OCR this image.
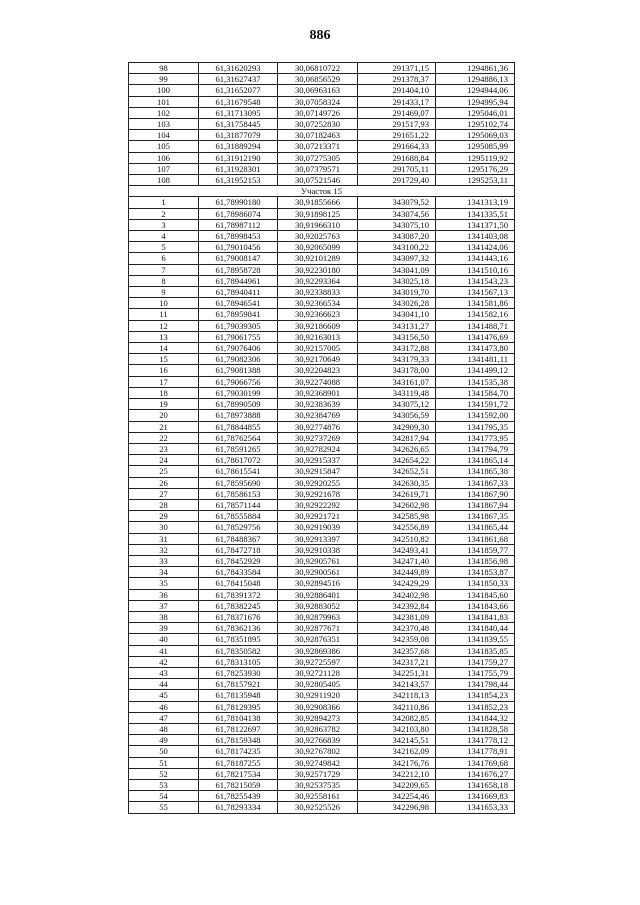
886
98	61,31620293	30,06810722	291371,15	1294861,36
99	61,31627437	30,06856529	291378,37	1294886,13
100	61,31652077	30,06963163	291404,10	1294944,06
101	61,31679548	30,07058324	291433,17	1294995,94
102	61,31713095	30,07149726	291469,07	1295046,01
103	61,31758445	30,07252830	291517,93	1295102,74
104	61,31877079	30,07182463	291651,22	1295069,03
105	61,31889294	30,07213371	291664,33	1295085,99
106	61,31912190	30,07275305	291688,84	1295119,92
107	61,31928301	30,07379571	291705,11	1295176,29
108	61,31952153	30,07521546	291729,40	1295253,11
Участок 15				
1	61,78990180	30,91855666	343079,52	1341313,19
2	61,78986074	30,91898125	343074,56	1341335,51
3	61,78987112	30,91966310	343075,10	1341371,50
4	61,78998453	30,92025763	343087,20	1341403,08
5	61,79010456	30,92065099	343100,22	1341424,06
6	61,79008147	30,92101289	343097,32	1341443,16
7	61,78958728	30,92230180	343041,09	1341510,16
8	61,78944961	30,92293364	343025,18	1341543,23
9	61,78940411	30,92338833	343019,70	1341567,13
10	61,78946541	30,92366534	343026,28	1341581,86
11	61,78959841	30,92366623	343041,10	1341582,16
12	61,79039305	30,92186609	343131,27	1341488,71
13	61,79061755	30,92163013	343156,50	1341476,69
14	61,79076406	30,92157005	343172,88	1341473,80
15	61,79082306	30,92170649	343179,33	1341481,11
16	61,79081388	30,92204823	343178,00	1341499,12
17	61,79066756	30,92274088	343161,07	1341535,38
18	61,79030199	30,92368901	343119,48	1341584,70
19	61,78990509	30,92383639	343075,12	1341591,72
20	61,78973888	30,92384769	343056,59	1341592,00
21	61,78844855	30,92774876	342909,30	1341795,35
22	61,78762564	30,92737269	342817,94	1341773,95
23	61,78591265	30,92782924	342626,65	1341794,79
24	61,78617072	30,92915337	342654,22	1341865,14
25	61,78615541	30,92915847	342652,51	1341865,38
26	61,78595690	30,92920255	342630,35	1341867,33
27	61,78586153	30,92921678	342619,71	1341867,90
28	61,78571144	30,92922292	342602,98	1341867,94
29	61,78555884	30,92921721	342585,98	1341867,35
30	61,78529756	30,92919039	342556,89	1341865,44
31	61,78488367	30,92913397	342510,82	1341861,68
32	61,78472718	30,92910338	342493,41	1341859,77
33	61,78452929	30,92905761	342471,40	1341856,98
34	61,78433584	30,92900561	342449,89	1341853,87
35	61,78415048	30,92894516	342429,29	1341850,33
36	61,78391372	30,92886401	342402,98	1341845,60
37	61,78382245	30,92883052	342392,84	1341843,66
38	61,78371676	30,92879963	342381,09	1341841,83
39	61,78362136	30,92877671	342370,48	1341840,44
40	61,78351895	30,92876351	342359,08	1341839,55
41	61,78350582	30,92869386	342357,68	1341835,85
42	61,78313105	30,92725597	342317,21	1341759,27
43	61,78253930	30,92721128	342251,31	1341755,79
44	61,78157921	30,92805405	342143,57	1341798,44
45	61,78135948	30,92911920	342118,13	1341854,23
46	61,78129395	30,92908366	342110,86	1341852,23
47	61,78104138	30,92894273	342082,85	1341844,32
48	61,78122697	30,92863782	342103,80	1341828,58
49	61,78159348	30,92766839	342145,51	1341778,12
50	61,78174235	30,92767802	342162,09	1341778,91
51	61,78187255	30,92749842	342176,76	1341769,68
52	61,78217534	30,92571729	342212,10	1341676,27
53	61,78215059	30,92537535	342209,65	1341658,18
54	61,78255439	30,92558161	342254,46	1341669,83
55	61,78293334	30,92525526	342296,98	1341653,33
